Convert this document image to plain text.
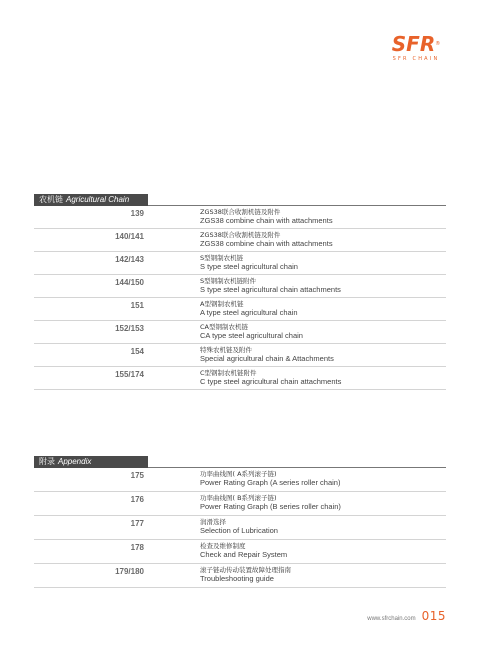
SFR®
SFR CHAIN
农机链 Agricultural Chain
139	ZGS38联合收割机链及附件
ZGS38 combine chain with attachments
140/141	ZGS38联合收割机链及附件
ZGS38 combine chain with attachments
142/143	S型钢制农机链
S type steel agricultural chain
144/150	S型钢制农机链附件
S type steel agricultural chain attachments
151	A型钢制农机链
A type steel agricultural chain
152/153	CA型钢制农机链
CA type steel agricultural chain
154	特殊农机链及附件
Special agricultural chain & Attachments
155/174	C型钢制农机链附件
C type steel agricultural chain attachments
附录 Appendix
175	功率曲线图( A系列滚子链)
Power Rating Graph (A series roller chain)
176	功率曲线图( B系列滚子链)
Power Rating Graph (B series roller chain)
177	润滑选择
Selection of Lubrication
178	检查及维修制度
Check and Repair System
179/180	滚子链动传动装置故障处理指南
Troubleshooting guide
www.sfrchain.com 015
